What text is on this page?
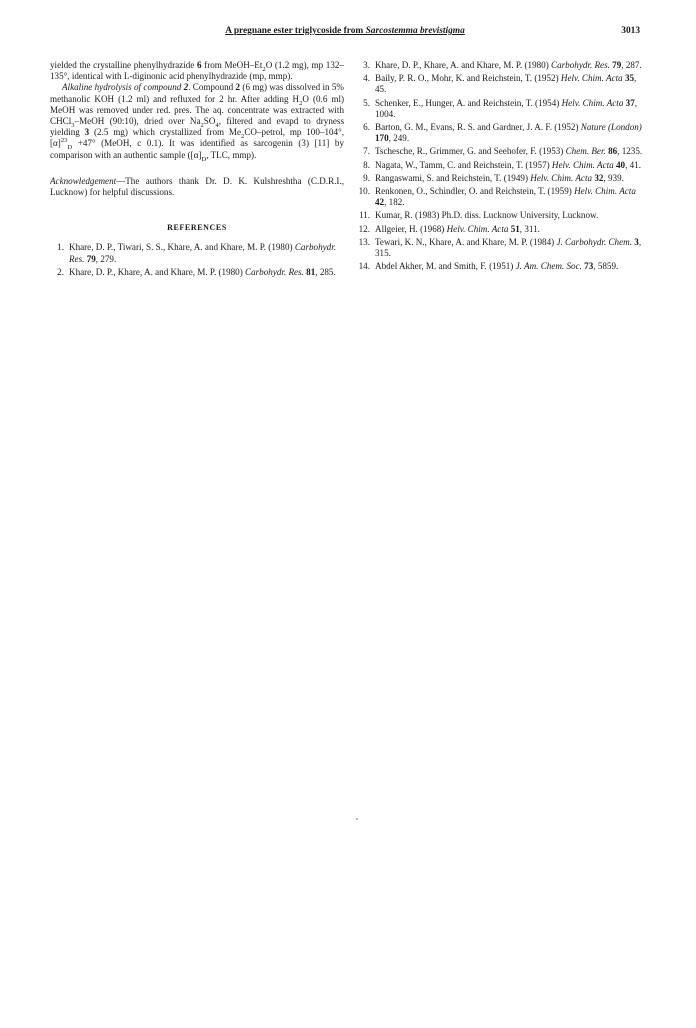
A pregnane ester triglycoside from Sarcostemma brevistigma	3013

yielded the crystalline phenylhydrazide 6 from MeOH–$Et_2O$ (1.2 mg), mp 132–135°, identical with L-diginonic acid phenylhydrazide (mp, mmp).

Alkaline hydrolysis of compound 2. Compound 2 (6 mg) was dissolved in 5% methanolic KOH (1.2 ml) and refluxed for 2 hr. After adding $H_2O$ (0.6 ml) MeOH was removed under red. pres. The aq. concentrate was extracted with CHCl$_3$–MeOH (90:10), dried over $Na_2SO_4$, filtered and evapd to dryness yielding 3 (2.5 mg) which crystallized from $Me_2CO$–petrol, mp 100–104°, $[\alpha]^{23}_D +47^\circ$ (MeOH, c 0.1). It was identified as sarcogenin (3) [11] by comparison with an authentic sample ($[\alpha]_D$, TLC, mmp).

Acknowledgement—The authors thank Dr. D. K. Kulshreshtha (C.D.R.I., Lucknow) for helpful discussions.

REFERENCES
1. Khare, D. P., Tiwari, S. S., Khare, A. and Khare, M. P. (1980) Carbohydr. Res. 79, 279.
2. Khare, D. P., Khare, A. and Khare, M. P. (1980) Carbohydr. Res. 81, 285.
3. Khare, D. P., Khare, A. and Khare, M. P. (1980) Carbohydr. Res. 79, 287.
4. Baily, P. R. O., Mohr, K. and Reichstein, T. (1952) Helv. Chim. Acta 35, 45.
5. Schenker, E., Hunger, A. and Reichstein, T. (1954) Helv. Chim. Acta 37, 1004.
6. Barton, G. M., Evans, R. S. and Gardner, J. A. F. (1952) Nature (London) 170, 249.
7. Tschesche, R., Grimmer, G. and Seehofer, F. (1953) Chem. Ber. 86, 1235.
8. Nagata, W., Tamm, C. and Reichstein, T. (1957) Helv. Chim. Acta 40, 41.
9. Rangaswami, S. and Reichstein, T. (1949) Helv. Chim. Acta 32, 939.
10. Renkonen, O., Schindler, O. and Reichstein, T. (1959) Helv. Chim. Acta 42, 182.
11. Kumar, R. (1983) Ph.D. diss. Lucknow University, Lucknow.
12. Allgeier, H. (1968) Helv. Chim. Acta 51, 311.
13. Tewari, K. N., Khare, A. and Khare, M. P. (1984) J. Carbohydr. Chem. 3, 315.
14. Abdel Akher, M. and Smith, F. (1951) J. Am. Chem. Soc. 73, 5859.
